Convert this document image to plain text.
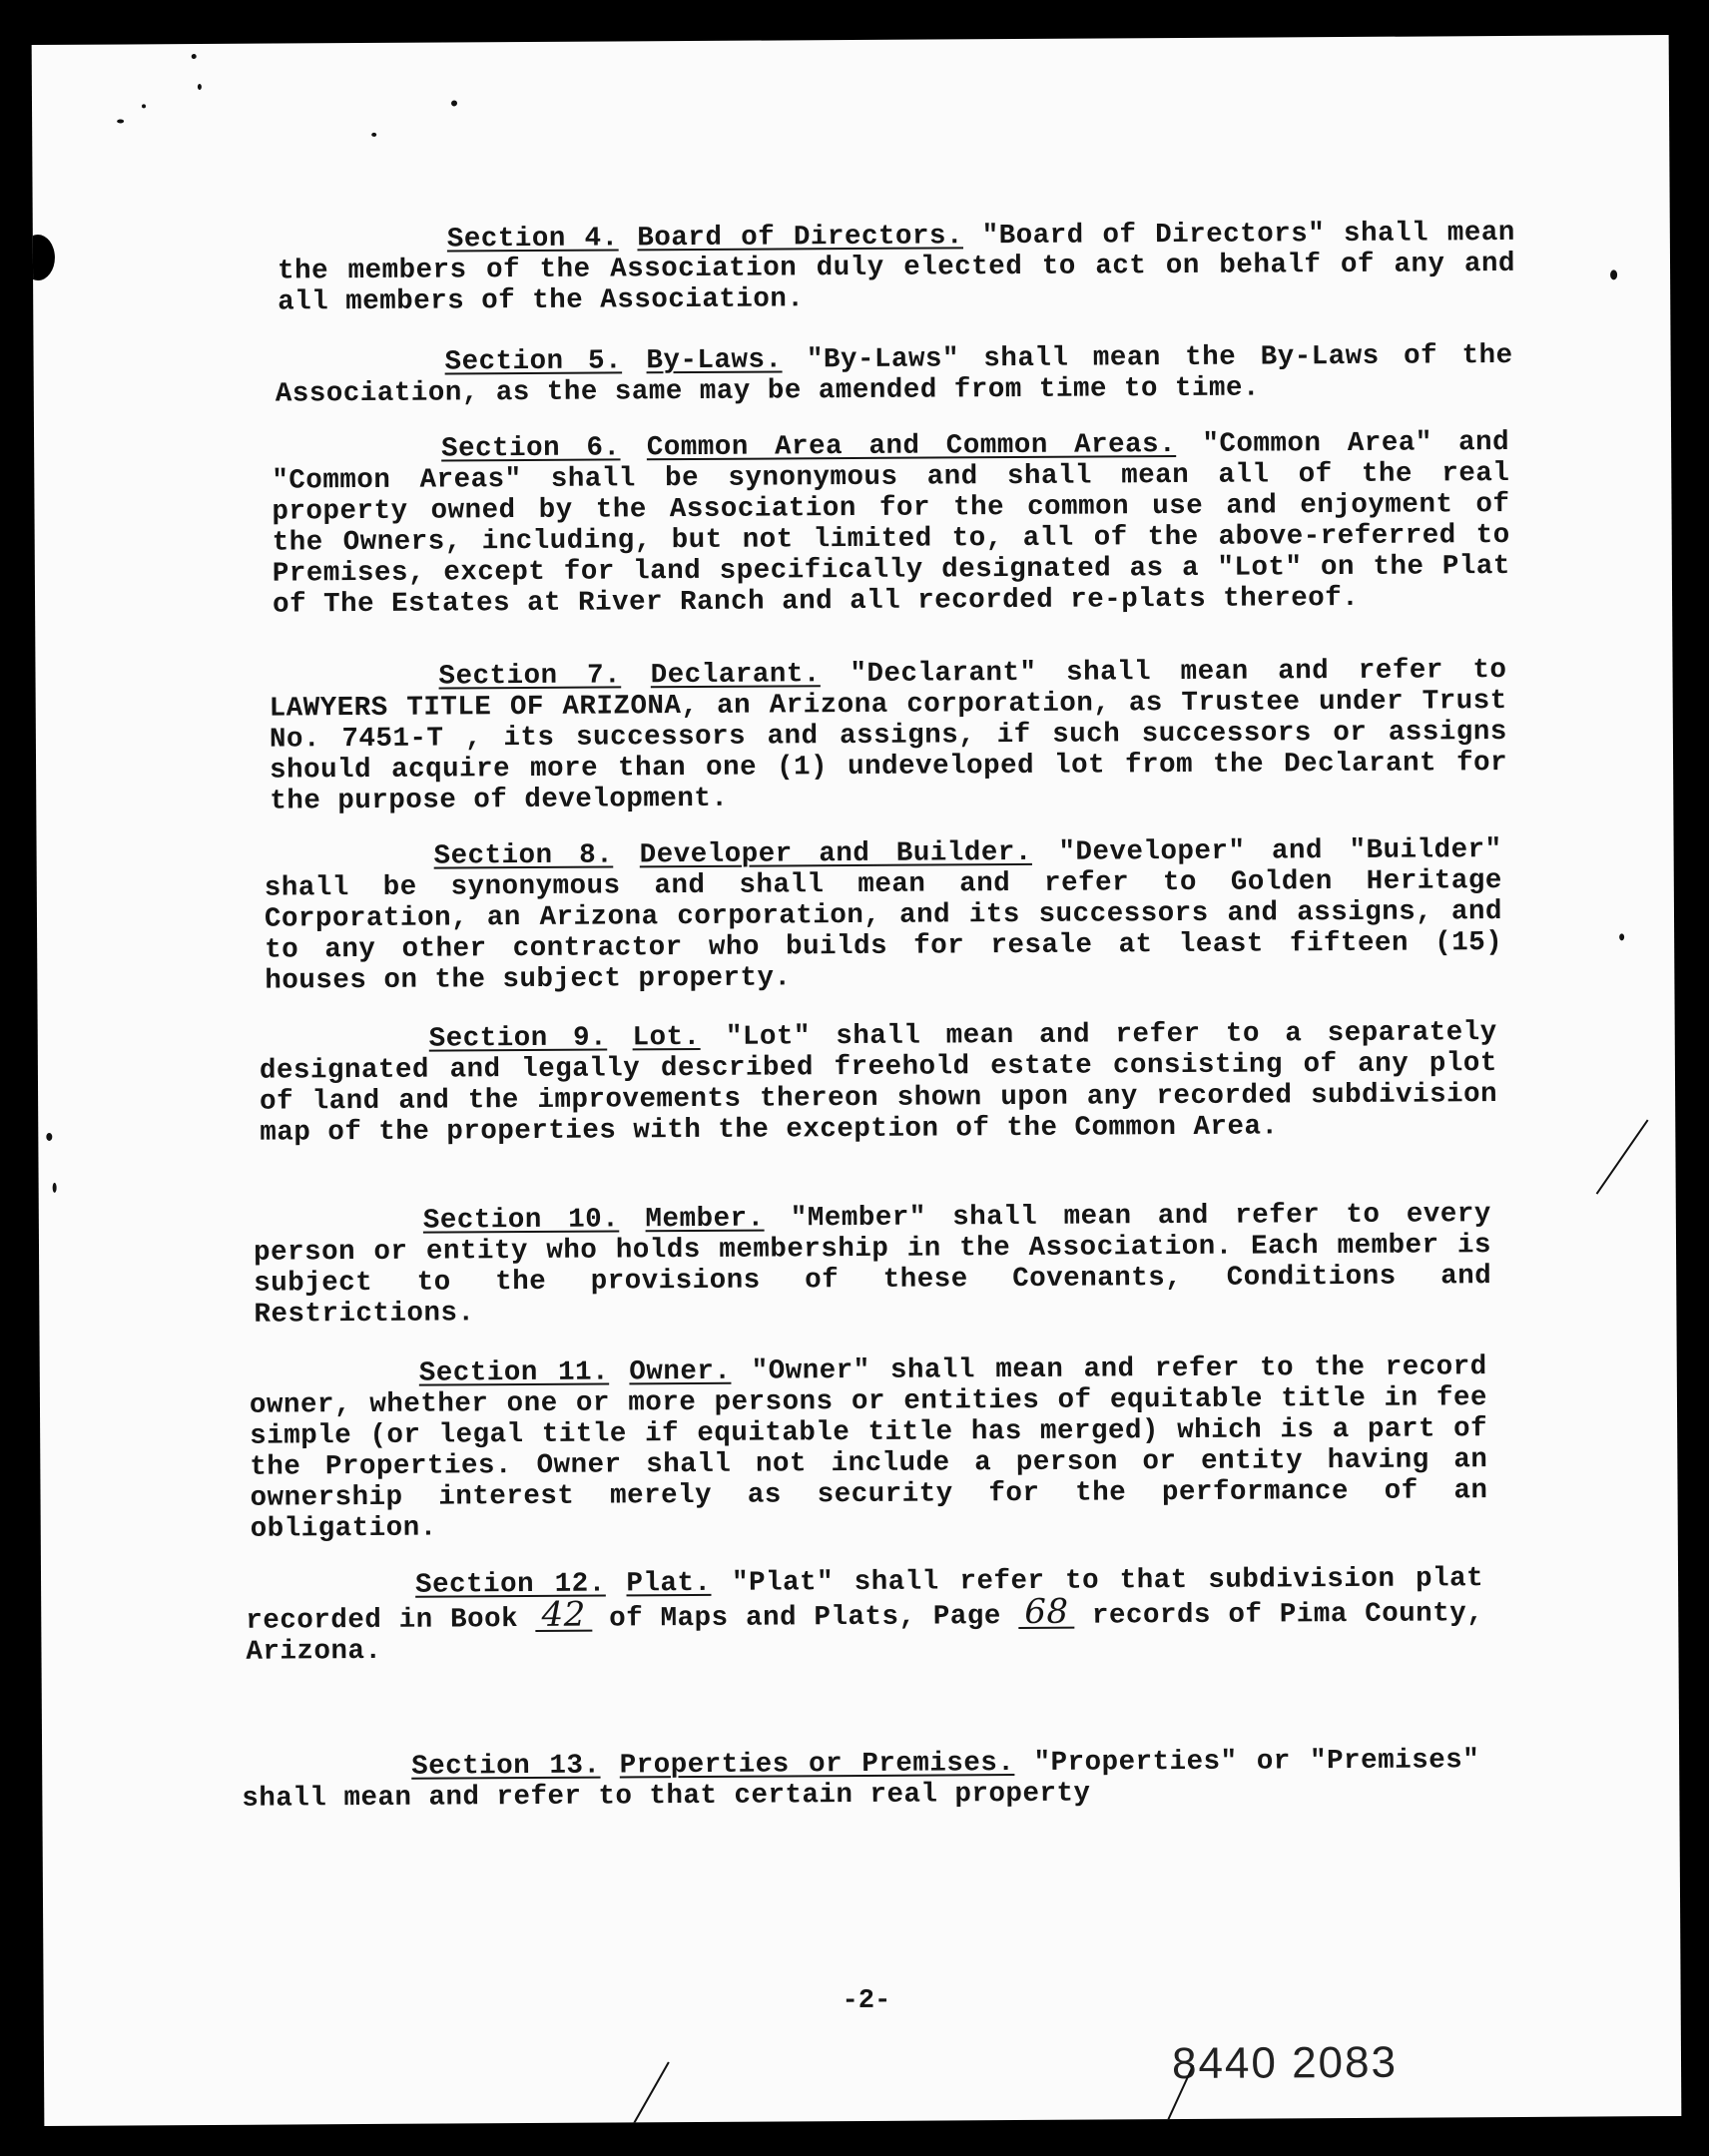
Section 4. Board of Directors. "Board of Directors" shall mean the members of the Association duly elected to act on behalf of any and all members of the Association.
Section 5. By-Laws. "By-Laws" shall mean the By-Laws of the Association, as the same may be amended from time to time.
Section 6. Common Area and Common Areas. "Common Area" and "Common Areas" shall be synonymous and shall mean all of the real property owned by the Association for the common use and enjoyment of the Owners, including, but not limited to, all of the above-referred to Premises, except for land specifically designated as a "Lot" on the Plat of The Estates at River Ranch and all recorded re-plats thereof.
Section 7. Declarant. "Declarant" shall mean and refer to LAWYERS TITLE OF ARIZONA, an Arizona corporation, as Trustee under Trust No. 7451-T , its successors and assigns, if such successors or assigns should acquire more than one (1) undeveloped lot from the Declarant for the purpose of development.
Section 8. Developer and Builder. "Developer" and "Builder" shall be synonymous and shall mean and refer to Golden Heritage Corporation, an Arizona corporation, and its successors and assigns, and to any other contractor who builds for resale at least fifteen (15) houses on the subject property.
Section 9. Lot. "Lot" shall mean and refer to a separately designated and legally described freehold estate consisting of any plot of land and the improvements thereon shown upon any recorded subdivision map of the properties with the exception of the Common Area.
Section 10. Member. "Member" shall mean and refer to every person or entity who holds membership in the Association. Each member is subject to the provisions of these Covenants, Conditions and Restrictions.
Section 11. Owner. "Owner" shall mean and refer to the record owner, whether one or more persons or entities of equitable title in fee simple (or legal title if equitable title has merged) which is a part of the Properties. Owner shall not include a person or entity having an ownership interest merely as security for the performance of an obligation.
Section 12. Plat. "Plat" shall refer to that subdivision plat recorded in Book 42 of Maps and Plats, Page 68 records of Pima County, Arizona.
Section 13. Properties or Premises. "Properties" or "Premises" shall mean and refer to that certain real property
-2-
8440 2083
